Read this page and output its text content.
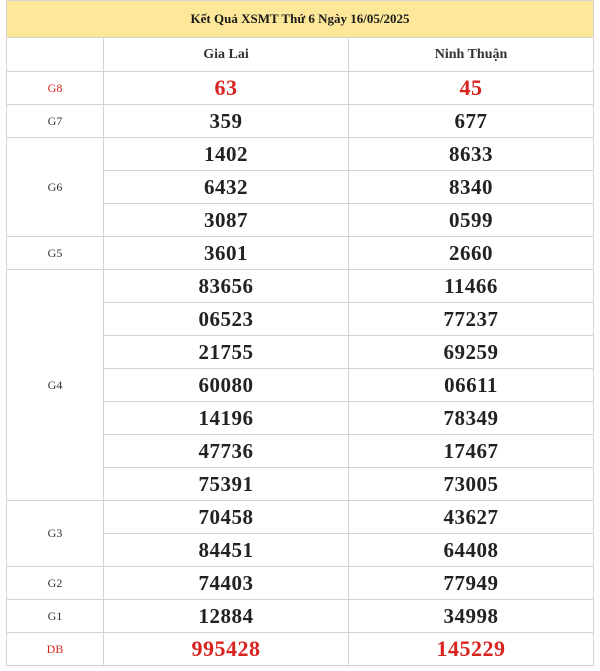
Kết Quả XSMT Thứ 6 Ngày 16/05/2025		
	Gia Lai	Ninh Thuận
G8	63	45
G7	359	677
G6	1402	8633
	6432	8340
	3087	0599
G5	3601	2660
G4	83656	11466
	06523	77237
	21755	69259
	60080	06611
	14196	78349
	47736	17467
	75391	73005
G3	70458	43627
	84451	64408
G2	74403	77949
G1	12884	34998
DB	995428	145229
